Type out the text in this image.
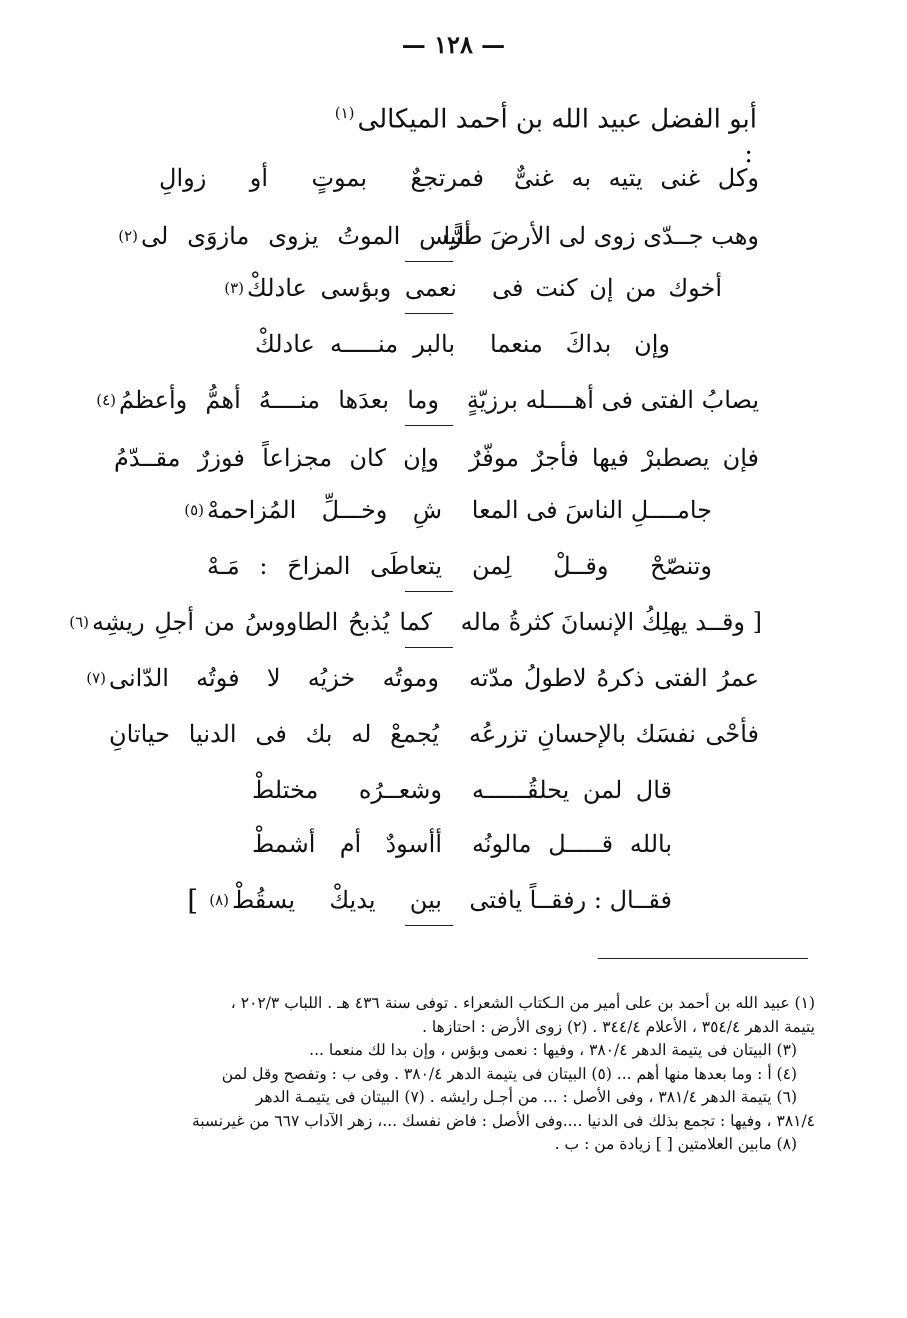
— ١٢٨ —
أبو الفضل عبيد الله بن أحمد الميكالى$^{(١)}$
:
وكل غنى يتيه به غنىٌّ
فمرتجعٌ بموتٍ أو زوالِ
وهب جــدّى زوى لى الأرضَ طرًّا
أليس الموتُ يزوى مازوَى لى
(٢)
أخوك من إن كنت فى
نعمى وبؤسى عادلكْ
(٣)
وإن بداكَ منعما
بالبر منـــــه عادلكْ
يصابُ الفتى فى أهــــله برزيّةٍ
وما بعدَها منــــهُ أهمُّ وأعظمُ
(٤)
فإن يصطبرْ فيها فأجرٌ موفّرٌ
وإن كان مجزاعاً فوزرٌ مقــدّمُ
جامــــلِ الناسَ فى المعا
شِ وخـــلِّ المُزاحمهْ
(٥)
وتنصّحْ وقــلْ لِمن
يتعاطَى المزاحَ : مَـهْ
[ وقــد يهلِكُ الإنسانَ كثرةُ ماله
كما يُذبحُ الطاووسُ من أجلِ ريشِه
(٦)
عمرُ الفتى ذكرهُ لاطولُ مدّته
وموتُه خزيُه لا فوتُه الدّانى
(٧)
فأحْى نفسَك بالإحسانِ تزرعُه
يُجمعْ له بك فى الدنيا حياتانِ
قال لمن يحلقُــــــه
وشعــرُه مختلطْ
بالله قـــــل مالونُه
أأسودٌ أم أشمطْ
فقــال : رفقــاً يافتى
بين يديكْ يسقُطْ
(٨)
]
(١) عبيد الله بن أحمد بن على أمير من الـكتاب الشعراء . توفى سنة ٤٣٦ هـ . اللباب ٢٠٢/٣ ،
يتيمة الدهر ٣٥٤/٤ ، الأعلام ٣٤٤/٤ . (٢) زوى الأرض : احتازها .
(٣) البيتان فى يتيمة الدهر ٣٨٠/٤ ، وفيها : نعمى وبؤس ، وإن بدا لك منعما ...
(٤) أ : وما بعدها منها أهم ... (٥) البيتان فى يتيمة الدهر ٣٨٠/٤ . وفى ب : وتفصح وقل لمن
(٦) يتيمة الدهر ٣٨١/٤ ، وفى الأصل : ... من أجـل رايشه . (٧) البيتان فى يتيمـة الدهر
٣٨١/٤ ، وفيها : تجمع بذلك فى الدنيا ....وفى الأصل : فاض نفسك ...، زهر الآداب ٦٦٧ من غيرنسبة
(٨) مابين العلامتين [ ] زيادة من : ب .
